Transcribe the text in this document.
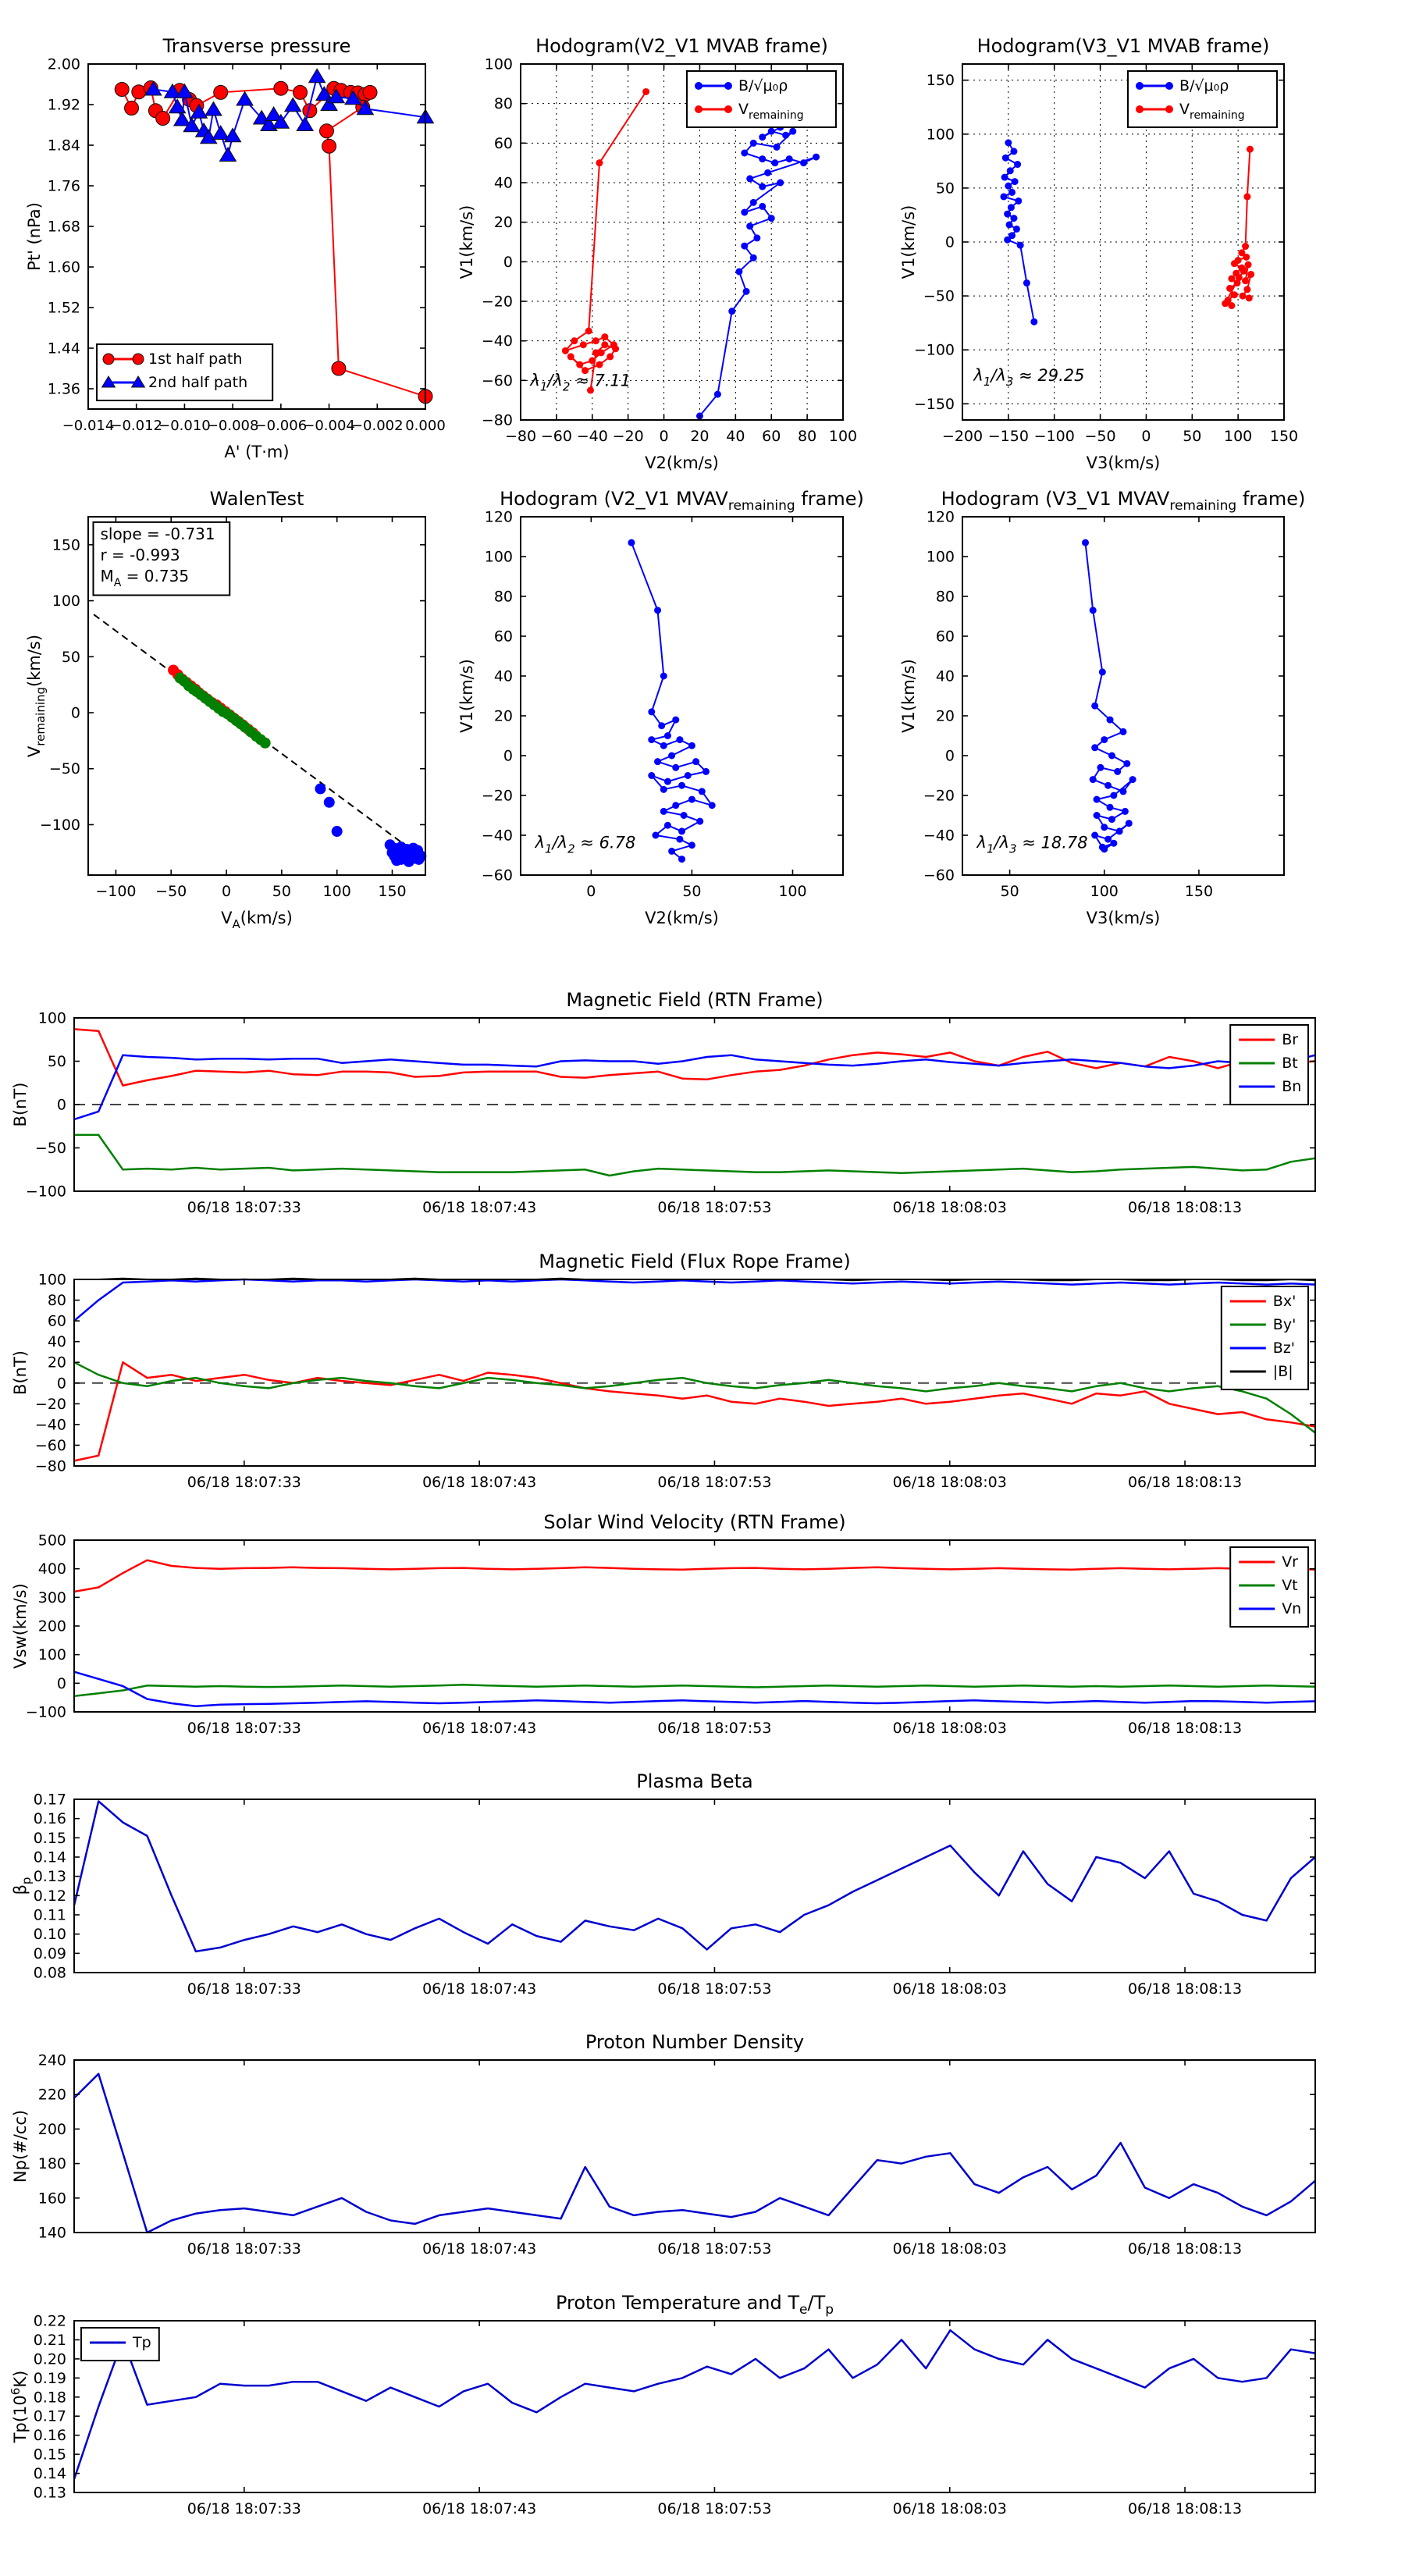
−0.014
−0.012
−0.010
−0.008
−0.006
−0.004
−0.002 0.000
1.36
1.44
1.52
1.60
1.68
1.76
1.84
1.92
2.00
A' (T·m)
Pt' (nPa)
Transverse pressure
1st half path
2nd half path
−80 −60 −40 −20 0 20 40 60 80 100
−80
−60
−40
−20
0
20
40
60
80
100
V2(km/s)
V1(km/s)
Hodogram(V2_V1 MVAB frame)
B/√μ₀ρ
$V_{remaining}$
$\lambda_1/\lambda_2 \approx 7.11$
−200 −150 −100 −50 0 50 100 150
−150
−100
−50
0
50
100
150
V3(km/s)
V1(km/s)
Hodogram(V3_V1 MVAB frame)
B/√μ₀ρ
$V_{remaining}$
$\lambda_1/\lambda_3 \approx 29.25$
−100 −50 0	50 100 150
−100
−50
0
50
100
150
$V_A(km/s)$
$V_{remaining}(km/s)$
WalenTest
slope = -0.731
r = -0.993
$M_A = 0.735$
0	50	100
−60
−40
−20
0
20
40
60
80
100
120
V2(km/s)
V1(km/s)
Hodogram (V2_V1 $MVAV_{remaining}$ frame)
$\lambda_1/\lambda_2 \approx 6.78$
50	100	150
−60
−40
−20
0
20
40
60
80
100
120
V3(km/s)
V1(km/s)
Hodogram (V3_V1 $MVAV_{remaining}$ frame)
$\lambda_1/\lambda_3 \approx 18.78$
06/18 18:07:33	06/18 18:07:43	06/18 18:07:53	06/18 18:08:03	06/18 18:08:13
−100
−50
0
50
100
B(nT)
Magnetic Field (RTN Frame)
Br
Bt
Bn
06/18 18:07:33	06/18 18:07:43	06/18 18:07:53	06/18 18:08:03	06/18 18:08:13
−80
−60
−40
−20
0
20
40
60
80
100
B(nT)
Magnetic Field (Flux Rope Frame)
Bx'
By'
Bz'
|B|
06/18 18:07:33	06/18 18:07:43	06/18 18:07:53	06/18 18:08:03	06/18 18:08:13
−100
0
100
200
300
400
500
Vsw(km/s)
Solar Wind Velocity (RTN Frame)
Vr
Vt
Vn
06/18 18:07:33	06/18 18:07:43	06/18 18:07:53	06/18 18:08:03	06/18 18:08:13
0.08
0.09
0.10
0.11
0.12
0.13
0.14
0.15
0.16
0.17
$\beta_p$
Plasma Beta
06/18 18:07:33	06/18 18:07:43	06/18 18:07:53	06/18 18:08:03	06/18 18:08:13
140
160
180
200
220
240
Np(#/cc)
Proton Number Density
06/18 18:07:33	06/18 18:07:43	06/18 18:07:53	06/18 18:08:03	06/18 18:08:13
0.13
0.14
0.15
0.16
0.17
0.18
0.19
0.20
0.21
0.22
$Tp(10^6K)$
Proton Temperature and $T_e/T_p$
Tp
